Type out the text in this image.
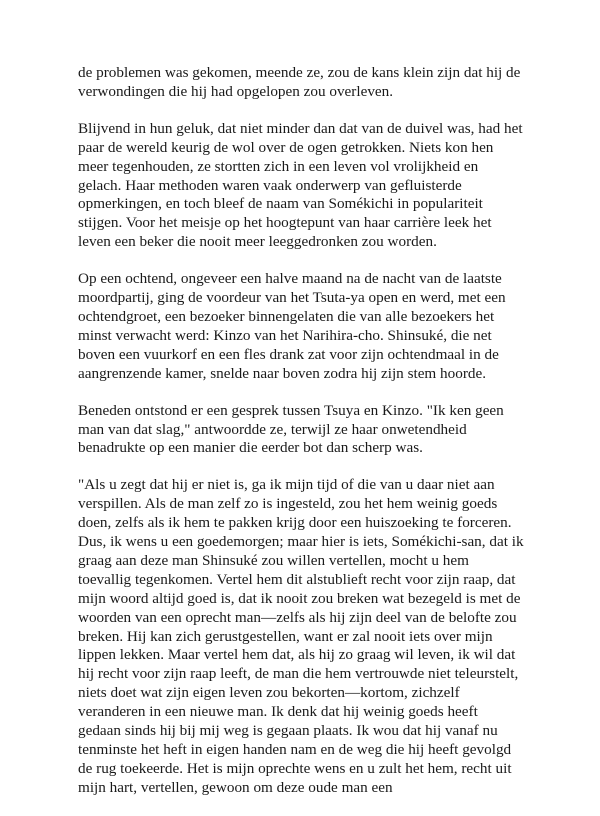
de problemen was gekomen, meende ze, zou de kans klein zijn dat hij de verwondingen die hij had opgelopen zou overleven.

Blijvend in hun geluk, dat niet minder dan dat van de duivel was, had het paar de wereld keurig de wol over de ogen getrokken. Niets kon hen meer tegenhouden, ze stortten zich in een leven vol vrolijkheid en gelach. Haar methoden waren vaak onderwerp van gefluisterde opmerkingen, en toch bleef de naam van Somékichi in populariteit stijgen. Voor het meisje op het hoogtepunt van haar carrière leek het leven een beker die nooit meer leeggedronken zou worden.

Op een ochtend, ongeveer een halve maand na de nacht van de laatste moordpartij, ging de voordeur van het Tsuta-ya open en werd, met een ochtendgroet, een bezoeker binnengelaten die van alle bezoekers het minst verwacht werd: Kinzo van het Narihira-cho. Shinsuké, die net boven een vuurkorf en een fles drank zat voor zijn ochtendmaal in de aangrenzende kamer, snelde naar boven zodra hij zijn stem hoorde.

Beneden ontstond er een gesprek tussen Tsuya en Kinzo. "Ik ken geen man van dat slag," antwoordde ze, terwijl ze haar onwetendheid benadrukte op een manier die eerder bot dan scherp was.

"Als u zegt dat hij er niet is, ga ik mijn tijd of die van u daar niet aan verspillen. Als de man zelf zo is ingesteld, zou het hem weinig goeds doen, zelfs als ik hem te pakken krijg door een huiszoeking te forceren. Dus, ik wens u een goedemorgen; maar hier is iets, Somékichi-san, dat ik graag aan deze man Shinsuké zou willen vertellen, mocht u hem toevallig tegenkomen. Vertel hem dit alstublieft recht voor zijn raap, dat mijn woord altijd goed is, dat ik nooit zou breken wat bezegeld is met de woorden van een oprecht man—zelfs als hij zijn deel van de belofte zou breken. Hij kan zich gerustgestellen, want er zal nooit iets over mijn lippen lekken. Maar vertel hem dat, als hij zo graag wil leven, ik wil dat hij recht voor zijn raap leeft, de man die hem vertrouwde niet teleurstelt, niets doet wat zijn eigen leven zou bekorten—kortom, zichzelf veranderen in een nieuwe man. Ik denk dat hij weinig goeds heeft gedaan sinds hij bij mij weg is gegaan plaats. Ik wou dat hij vanaf nu tenminste het heft in eigen handen nam en de weg die hij heeft gevolgd de rug toekeerde. Het is mijn oprechte wens en u zult het hem, recht uit mijn hart, vertellen, gewoon om deze oude man een
